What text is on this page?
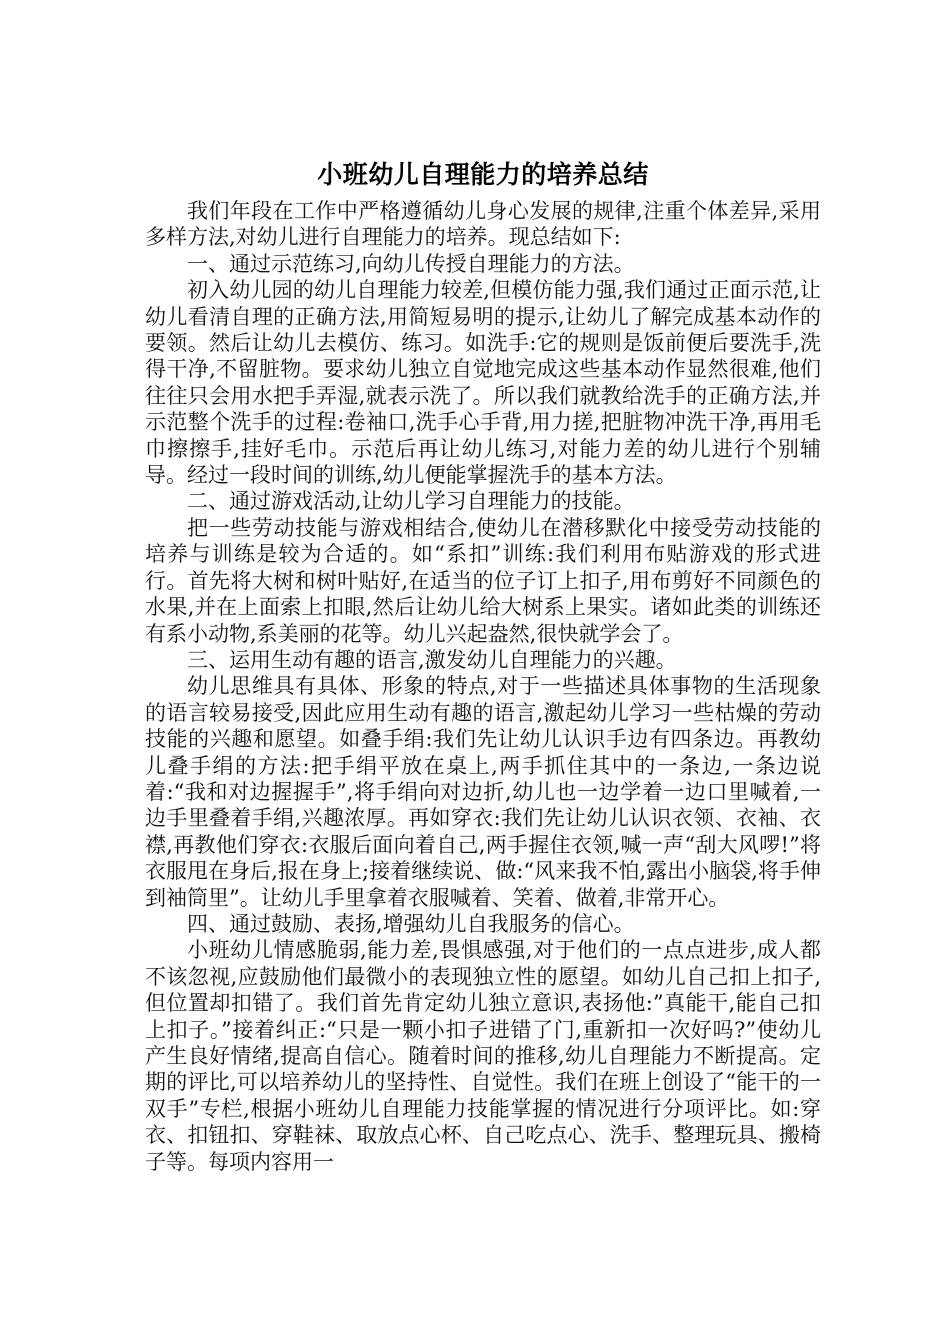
小班幼儿自理能力的培养总结

我们年段在工作中严格遵循幼儿身心发展的规律,注重个体差异,采用多样方法,对幼儿进行自理能力的培养。现总结如下:

一、通过示范练习,向幼儿传授自理能力的方法。

初入幼儿园的幼儿自理能力较差,但模仿能力强,我们通过正面示范,让幼儿看清自理的正确方法,用简短易明的提示,让幼儿了解完成基本动作的要领。然后让幼儿去模仿、练习。如洗手:它的规则是饭前便后要洗手,洗得干净,不留脏物。要求幼儿独立自觉地完成这些基本动作显然很难,他们往往只会用水把手弄湿,就表示洗了。所以我们就教给洗手的正确方法,并示范整个洗手的过程:卷袖口,洗手心手背,用力搓,把脏物冲洗干净,再用毛巾擦擦手,挂好毛巾。示范后再让幼儿练习,对能力差的幼儿进行个别辅导。经过一段时间的训练,幼儿便能掌握洗手的基本方法。

二、通过游戏活动,让幼儿学习自理能力的技能。

把一些劳动技能与游戏相结合,使幼儿在潜移默化中接受劳动技能的培养与训练是较为合适的。如“系扣”训练:我们利用布贴游戏的形式进行。首先将大树和树叶贴好,在适当的位子订上扣子,用布剪好不同颜色的水果,并在上面索上扣眼,然后让幼儿给大树系上果实。诸如此类的训练还有系小动物,系美丽的花等。幼儿兴起盎然,很快就学会了。

三、运用生动有趣的语言,激发幼儿自理能力的兴趣。

幼儿思维具有具体、形象的特点,对于一些描述具体事物的生活现象的语言较易接受,因此应用生动有趣的语言,激起幼儿学习一些枯燥的劳动技能的兴趣和愿望。如叠手绢:我们先让幼儿认识手边有四条边。再教幼儿叠手绢的方法:把手绢平放在桌上,两手抓住其中的一条边,一条边说着:“我和对边握握手”,将手绢向对边折,幼儿也一边学着一边口里喊着,一边手里叠着手绢,兴趣浓厚。再如穿衣:我们先让幼儿认识衣领、衣袖、衣襟,再教他们穿衣:衣服后面向着自己,两手握住衣领,喊一声“刮大风啰!”将衣服甩在身后,报在身上;接着继续说、做:“风来我不怕,露出小脑袋,将手伸到袖筒里”。让幼儿手里拿着衣服喊着、笑着、做着,非常开心。

四、通过鼓励、表扬,增强幼儿自我服务的信心。

小班幼儿情感脆弱,能力差,畏惧感强,对于他们的一点点进步,成人都不该忽视,应鼓励他们最微小的表现独立性的愿望。如幼儿自己扣上扣子,但位置却扣错了。我们首先肯定幼儿独立意识,表扬他:”真能干,能自己扣上扣子。”接着纠正:“只是一颗小扣子进错了门,重新扣一次好吗?”使幼儿产生良好情绪,提高自信心。随着时间的推移,幼儿自理能力不断提高。定期的评比,可以培养幼儿的坚持性、自觉性。我们在班上创设了“能干的一双手”专栏,根据小班幼儿自理能力技能掌握的情况进行分项评比。如:穿衣、扣钮扣、穿鞋袜、取放点心杯、自己吃点心、洗手、整理玩具、搬椅子等。每项内容用一
